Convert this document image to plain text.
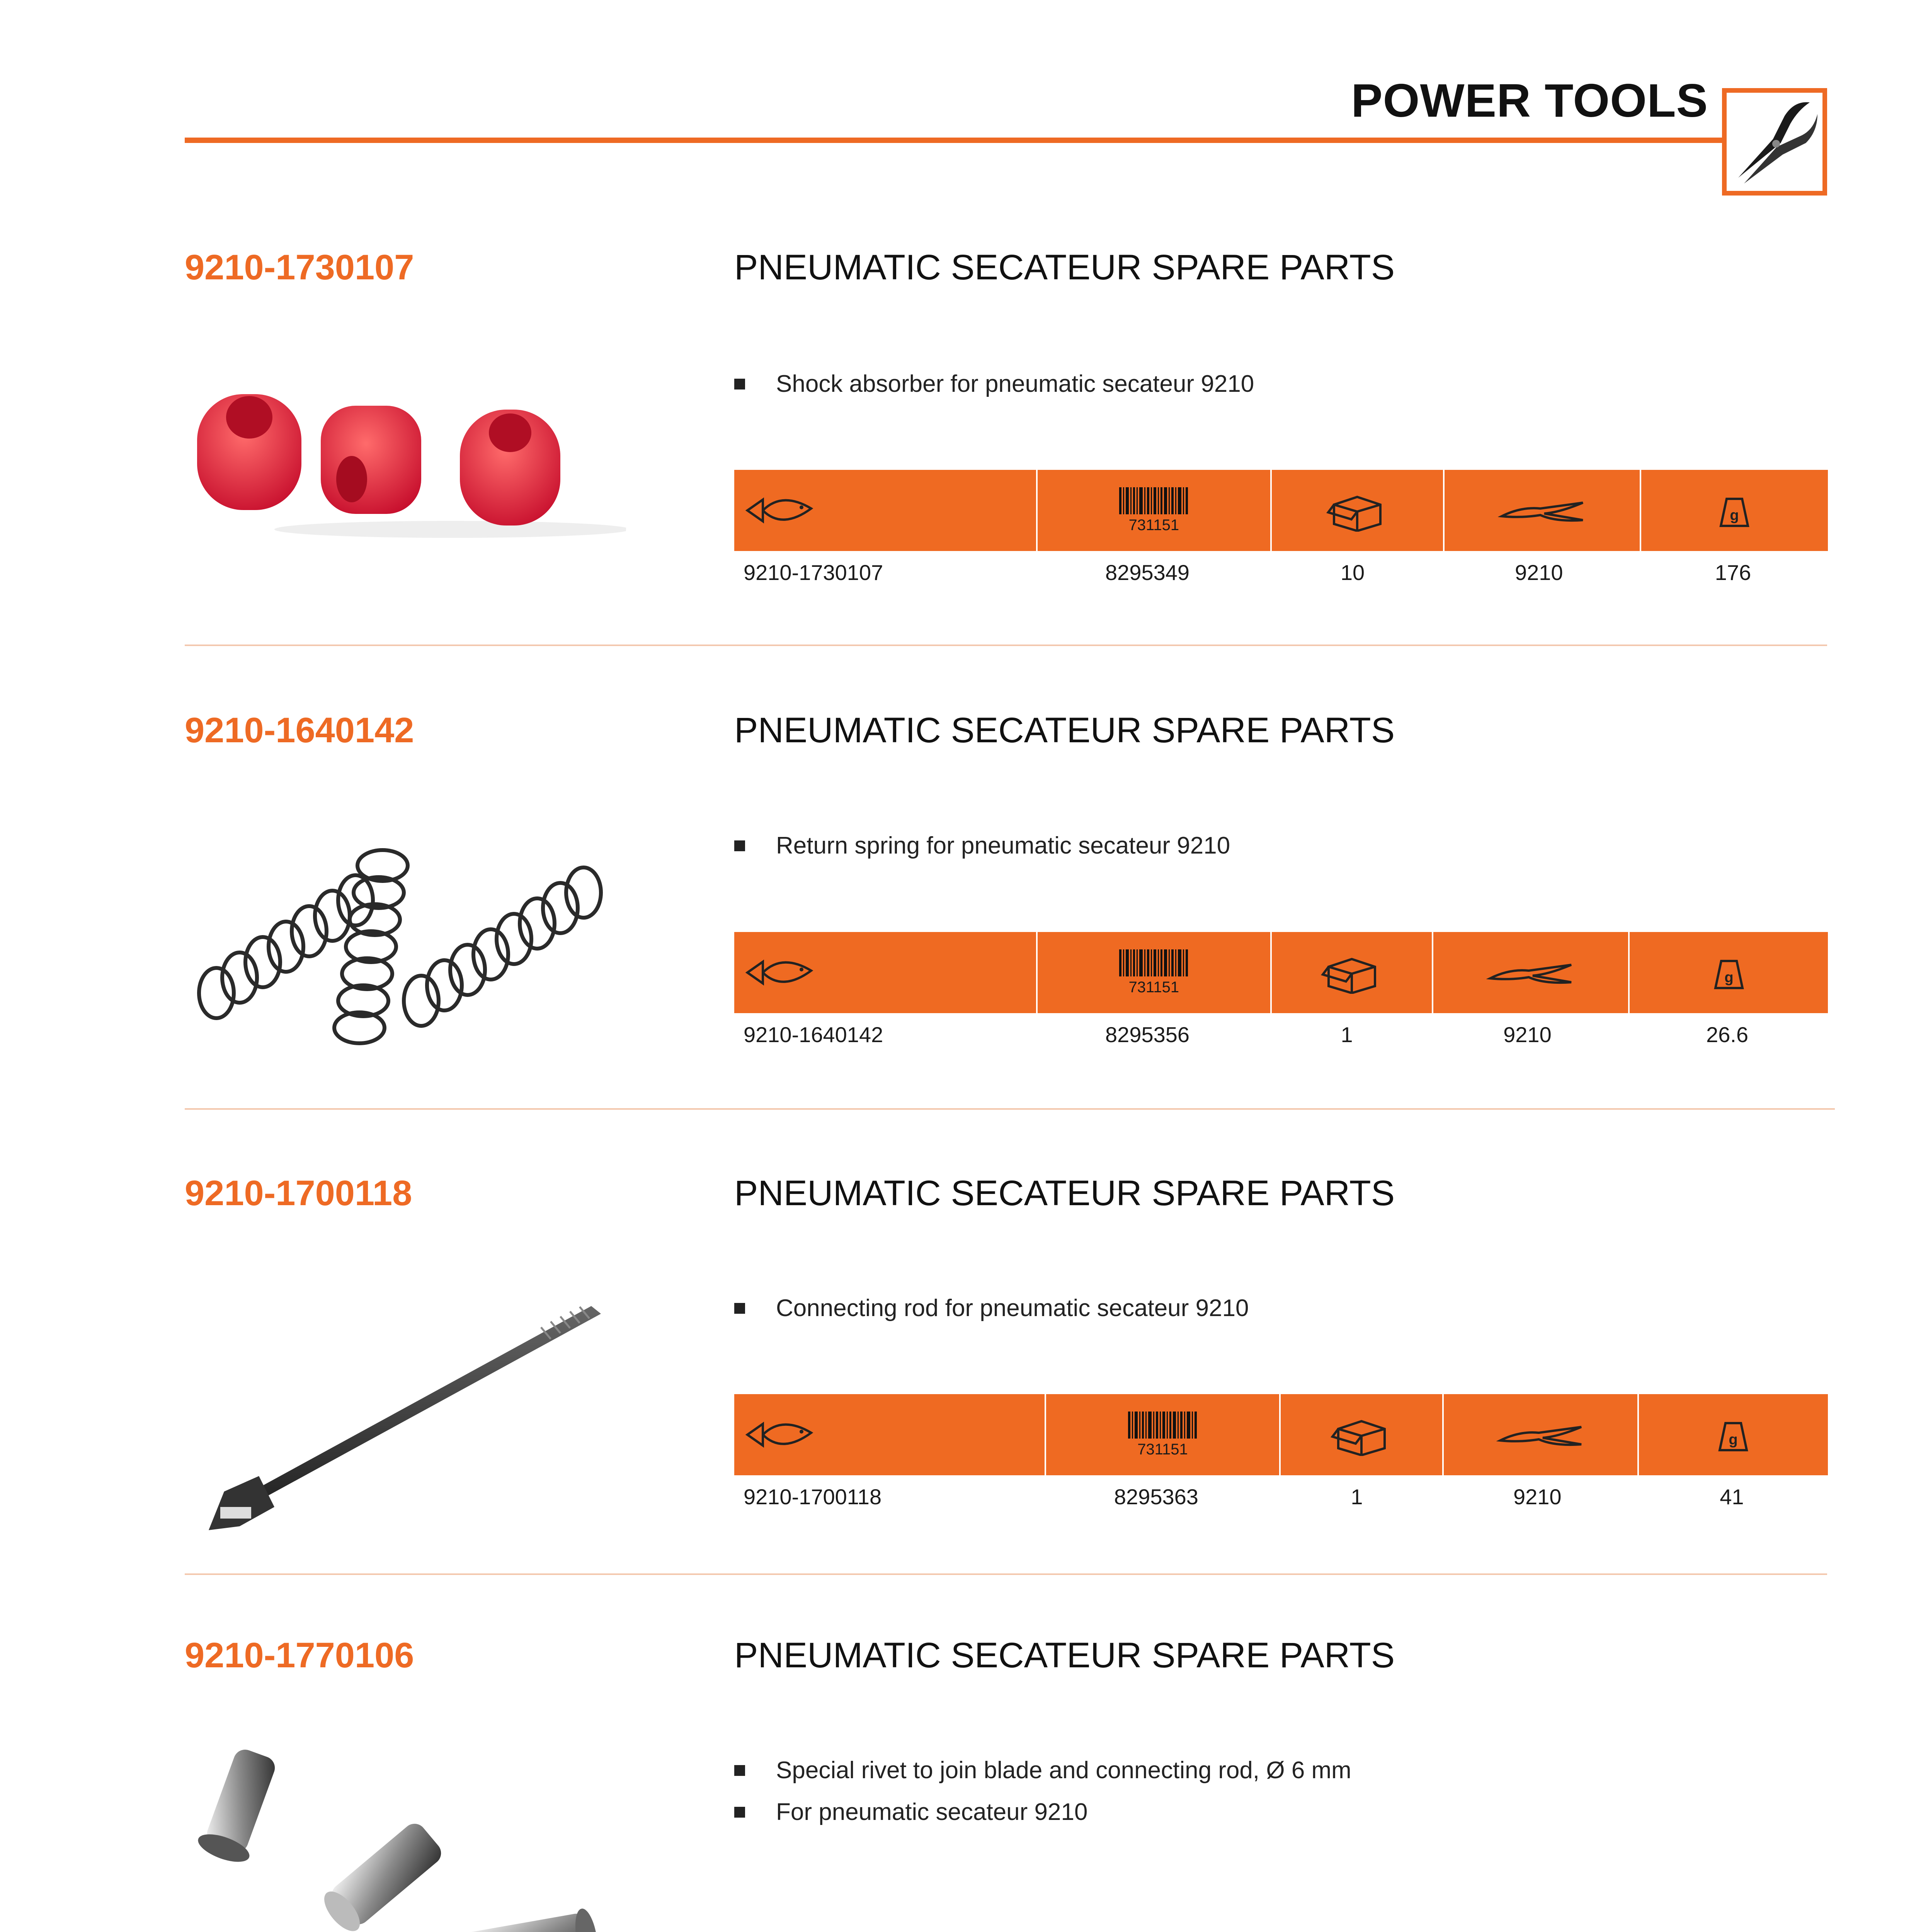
POWER TOOLS
9210-1730107	PNEUMATIC SECATEUR SPARE PARTS
Shock absorber for pneumatic secateur 9210
731151
g
9210-1730107	8295349	10	9210	176
9210-1640142	PNEUMATIC SECATEUR SPARE PARTS
Return spring for pneumatic secateur 9210
731151
g
9210-1640142	8295356	1	9210	26.6
9210-1700118	PNEUMATIC SECATEUR SPARE PARTS
Connecting rod for pneumatic secateur 9210
731151
g
9210-1700118	8295363	1	9210	41
9210-1770106	PNEUMATIC SECATEUR SPARE PARTS
Special rivet to join blade and connecting rod, Ø 6 mm
For pneumatic secateur 9210
